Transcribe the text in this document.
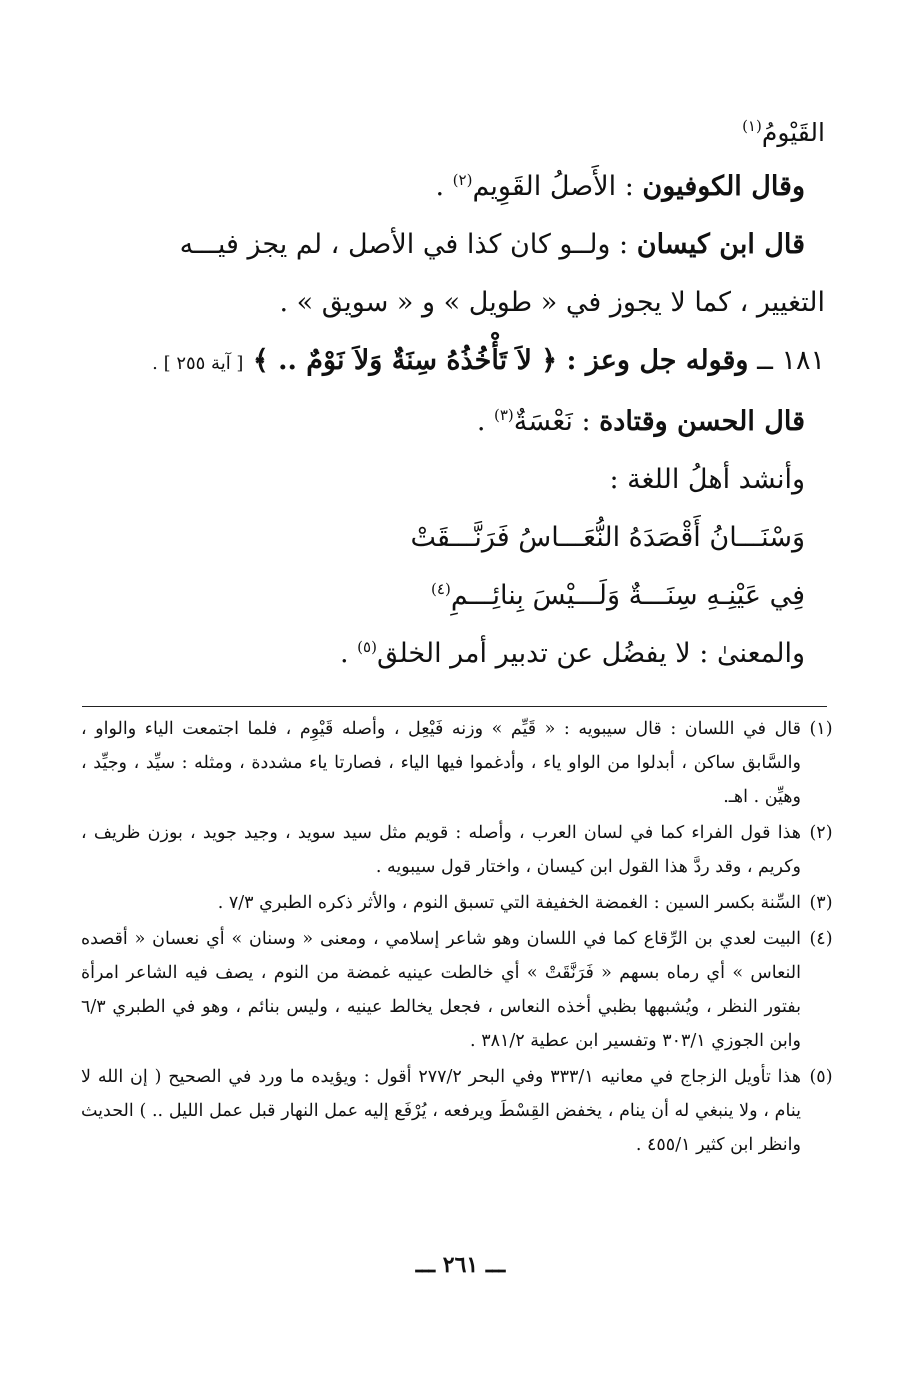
القَيْومُ$^{(١)}$
وقال الكوفيون : الأَصلُ القَوِيم$^{(٢)}$ .
قال ابن كيسان : ولــو كان كذا في الأصل ، لم يجز فيـــه
التغيير ، كما لا يجوز في « طويل » و « سويق » .
١٨١ ــ وقوله جل وعز : ﴿ لاَ تَأْخُذُهُ سِنَةٌ وَلاَ نَوْمٌ .. ﴾ [ آية ٢٥٥ ] .
قال الحسن وقتادة : نَعْسَةٌ$^{(٣)}$ .
وأنشد أهلُ اللغة :
وَسْنَـــانُ أَقْصَدَهُ النُّعَـــاسُ فَرَنَّـــقَتْ
فِي عَيْنِـهِ سِنَـــةٌ وَلَـــيْسَ بِنائِـــمِ$^{(٤)}$
والمعنىٰ : لا يفضُل عن تدبير أمر الخلق$^{(٥)}$ .
(١)
قال في اللسان : قال سيبويه : « قَيِّم » وزنه فَيْعِل ، وأصله قَيْوِم ، فلما اجتمعت الياء والواو ، والسَّابق ساكن ، أبدلوا من الواو ياء ، وأدغموا فيها الياء ، فصارتا ياء مشددة ، ومثله : سيِّد ، وجيِّد ، وهيِّن . اهـ.
(٢)
هذا قول الفراء كما في لسان العرب ، وأصله : قويم مثل سيد سويد ، وجيد جويد ، بوزن ظريف ، وكريم ، وقد ردَّ هذا القول ابن كيسان ، واختار قول سيبويه .
(٣)
السِّنة بكسر السين : الغمضة الخفيفة التي تسبق النوم ، والأثر ذكره الطبري ٧/٣ .
(٤)
البيت لعدي بن الرِّقاع كما في اللسان وهو شاعر إسلامي ، ومعنى « وسنان » أي نعسان « أقصده النعاس » أي رماه بسهم « فَرَنَّقَتْ » أي خالطت عينيه غمضة من النوم ، يصف فيه الشاعر امرأة بفتور النظر ، ويُشبهها بظبي أخذه النعاس ، فجعل يخالط عينيه ، وليس بنائم ، وهو في الطبري ٦/٣ وابن الجوزي ٣٠٣/١ وتفسير ابن عطية ٣٨١/٢ .
(٥)
هذا تأويل الزجاج في معانيه ٣٣٣/١ وفي البحر ٢٧٧/٢ أقول : ويؤيده ما ورد في الصحيح ( إن الله لا ينام ، ولا ينبغي له أن ينام ، يخفض القِسْطَ ويرفعه ، يُرْفَع إليه عمل النهار قبل عمل الليل .. ) الحديث وانظر ابن كثير ٤٥٥/١ .
ـــ ٢٦١ ـــ
